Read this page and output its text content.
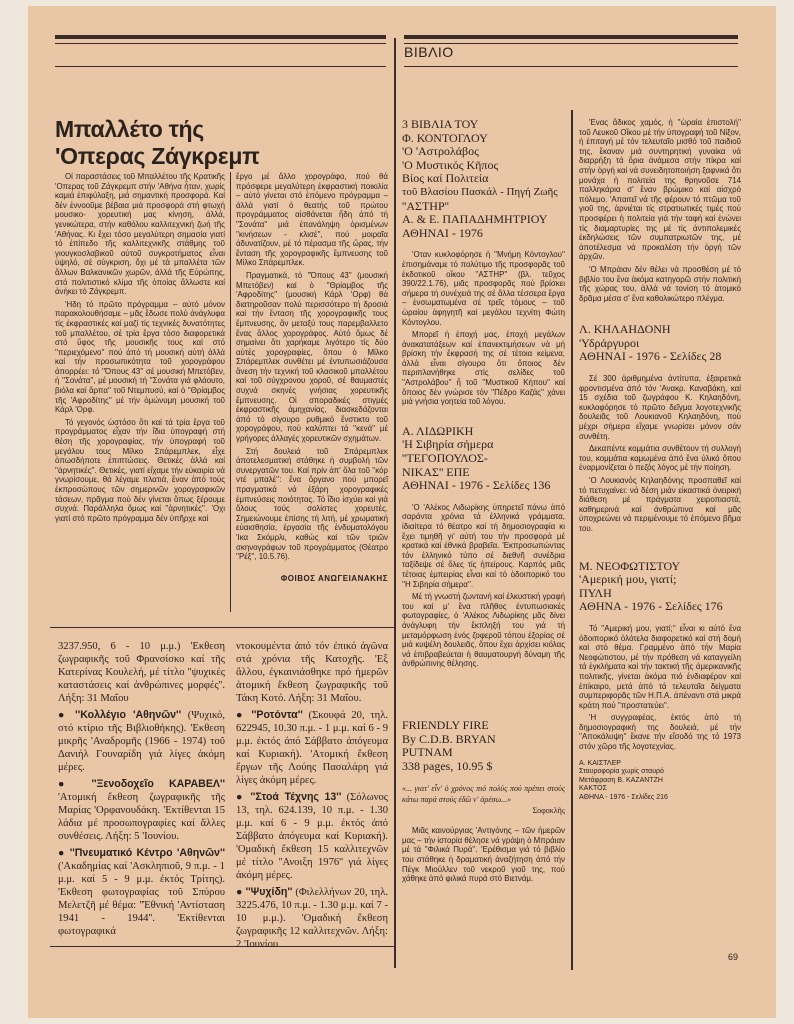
ΒΙΒΛΙΟ
Μπαλλέτο τής
'Οπερας Ζάγκρεμπ

Οί παραστάσεις τοῦ Μπαλλέτου τῆς Κρατικῆς 'Οπερας τοῦ Ζάγκρεμπ στήν 'Αθήνα ἦταν, χωρίς καμιά ἐπιφύλαξη, μιά σημαντική προσφορά. Καί δέν ἐννοοῦμε βέβαια μιά προσφορά στή φτωχή μουσικο- χορευτική μας κίνηση, ἀλλά, γενικώτερα, στήν καθόλου καλλιτεχνική ζωή τῆς 'Αθήνας. Κι ἔχει τόσο μεγαλύτερη σημασία γιατί τό ἐπίπεδο τῆς καλλιτεχνικῆς στάθμης τοῦ γιουγκοσλαβικοῦ αὐτοῦ συγκροτήματος εἶναι ὑψηλό, σέ σύγκριση, ὄχι μέ τά μπαλλέτα τῶν ἄλλων Βαλκανικῶν χωρῶν, ἀλλά τῆς Εὐρώπης, στό πολιτιστικό κλίμα τῆς ὁποίας ἄλλωστε καί ἀνήκει τό Ζάγκρεμπ.

'Ηδη τό πρῶτο πρόγραμμα – αὐτό μόνον παρακολουθήσαμε – μᾶς ἔδωσε πολύ ἀνάγλυφα τίς ἐκφραστικές καί μαζί τίς τεχνικές δυνατότητες τοῦ μπαλλέτου, σέ τρία ἔργα τόσο διαφορετικά στό ὕφος τῆς μουσικῆς τους καί στό ''περιεχόμενο'' πού ἀπό τή μουσική αὐτή ἀλλά καί τήν προσωπικότητα τοῦ χορογράφου ἀπορρέει: τό ''Όπους 43'' σέ μουσική Μπετόβεν, ἡ ''Σονάτα'', μέ μουσική τή ''Σονάτα γιά φλάουτο, βιόλα καί ἅρπα'' τοῦ Ντεμπυσύ, καί ὁ ''Θρίαμβος τῆς 'Αφροδίτης'' μέ τήν ὁμώνυμη μουσική τοῦ Κάρλ 'Ορφ.

Τό γεγονός ὡστόσο ὅτι καί τά τρία ἔργα τοῦ προγράμματος εἶχαν τήν ἴδια ὑπογραφή στή θέση τῆς χορογραφίας, τήν ὑπογραφή τοῦ μεγάλου τους Μίλκο Σπάρεμπλεκ, εἶχε ὁπωσδήποτε ἐπιπτώσεις. Θετικές ἀλλά καί ''ἀρνητικές''. Θετικές, γιατί εἴχαμε τήν εὐκαιρία νά γνωρίσουμε, θά λέγαμε πλατιά, ἕναν ἀπό τούς ἐκπροσώπους τῶν σημερινῶν χορογραφικῶν τάσεων, πρᾶγμα πού δέν γίνεται ὅπως ξέρουμε συχνά. Παράλληλα ὅμως καί ''ἀρνητικές''. 'Οχι γιατί στό πρῶτο πρόγραμμα δέν ὑπῆρχε καί

ἔργο μέ ἄλλο χορογράφο, πού θά πρόσφερε μεγαλύτερη ἐκφραστική ποικιλία – αὐτό γίνεται στό ἑπόμενο πρόγραμμα – ἀλλά γιατί ὁ θεατής τοῦ πρώτου προγράμματος αἰσθάνεται ἤδη ἀπό τή ''Σονάτα'' μιά ἐπανάληψη ὁρισμένων ''κινήσεων - κλισέ'', πού μοιραῖα ἀδυνατίζουν, μέ τό πέρασμα τῆς ὥρας, τήν ἔνταση τῆς χορογραφικῆς ἔμπνευσης τοῦ Μίλκο Σπάρεμπλεκ.

Πραγματικά, τό ''Όπους 43'' (μουσική Μπετόβεν) καί ὁ ''Θρίαμβος τῆς 'Αφροδίτης'' (μουσική Κάρλ 'Ορφ) θά διατηροῦσαν πολύ περισσότερο τή δροσιά καί τήν ἔνταση τῆς χορογραφικῆς τους ἔμπνευσης, ἄν μεταξύ τους παρεμβαλλετο ἕνας ἄλλος χορογράφος. Αὐτό ὅμως δέ σημαίνει ὅτι χαρήκαμε λιγότερο τίς δύο αὐτές χορογραφίες, ὅπου ὁ Μίλκο Σπάρεμπλεκ συνθέτει μέ ἐντυπωσιάζουσα ἄνεση τήν τεχνική τοῦ κλασικοῦ μπαλλέτου καί τοῦ σύγχρονου χοροῦ, σέ θαυμαστές συχνά σκηνές γνήσιας χορευτικῆς ἔμπνευσης. Οἱ σποραδικές στιγμές ἐκφραστικῆς ἀμηχανίας, διασκεδάζονται ἀπό τό σίγουρο ρυθμικό ἔνστικτο τοῦ χορογράφου, πού καλύπτει τά ''κενά'' μέ γρήγορες ἀλλαγές χορευτικῶν σχημάτων.

Στή δουλειά τοῦ Σπάρεμπλεκ ἀποτελεσματική στάθηκε ἡ συμβολή τῶν συνεργατῶν του. Καί πρίν ἀπ' ὅλα τοῦ ''κόρ ντέ μπαλέ'': ἕνα ὄργανο πού μπορεῖ πραγματικά νά ἐξάρη χορογραφικές ἐμπνεύσεις ποιότητας. Τό ἴδιο ἰσχύει καί γιά ὅλους τούς σολίστες χορευτές. Σημειώνουμε ἐπίσης τή λιτή, μέ χρωματική εὐαισθησία, ἐργασία τῆς ἐνδυματολόγου 'Ικα Σκόμρλι, καθώς καί τῶν τριῶν σκηνογράφων τοῦ προγράμματος (Θέατρο ''Ρέξ'', 10.5.76).

ΦΟΙΒΟΣ ΑΝΩΓΕΙΑΝΑΚΗΣ

3237.950, 6 - 10 μ.μ.) 'Εκθεση ζωγραφικῆς τοῦ Φρανσίσκο καί τῆς Κατερίνας Κουλελή, μέ τίτλο ''ψυχικές καταστάσεις καί ἀνθρώπινες μορφές''. Λήξη: 31 Μαΐου

● ''Κολλέγιο 'Αθηνῶν'' (Ψυχικό, στό κτίριο τῆς Βιβλιοθήκης). 'Εκθεση μικρῆς 'Αναδρομῆς (1966 - 1974) τοῦ Δανιήλ Γουναρίδη γιά λίγες ἀκόμη μέρες.

● ''Ξενοδοχεῖο ΚΑΡΑΒΕΛ'' 'Ατομική ἔκθεση ζωγραφικῆς τῆς Μαρίας 'Ορφανουδάκη. 'Εκτίθενται 15 λάδια μέ προσωπογραφίες καί ἄλλες συνθέσεις. Λήξη: 5 'Ιουνίου.

● ''Πνευματικό Κέντρο 'Αθηνῶν'' ('Ακαδημίας καί 'Ασκληπιοῦ, 9 π.μ. - 1 μ.μ. καί 5 - 9 μ.μ. ἐκτός Τρίτης). 'Εκθεση φωτογραφίας τοῦ Σπύρου Μελετζῆ μέ θέμα: ''Έθνική 'Αντίσταση 1941 - 1944''. 'Εκτίθενται φωτογραφικά

ντοκουμέντα ἀπό τόν ἐπικό ἀγῶνα στά χρόνια τῆς Κατοχῆς. 'Εξ ἄλλου, ἐγκαινιάσθηκε πρό ἡμερῶν ἀτομική ἔκθεση ζωγραφικῆς τοῦ Τάκη Κοτό. Λήξη: 31 Μαΐου.

● ''Ροτόντα'' (Σκουφά 20, τηλ. 622945, 10.30 π.μ. - 1 μ.μ. καί 6 - 9 μ.μ. ἐκτός ἀπό Σάββατο ἀπόγευμα καί Κυριακή). 'Ατομική ἔκθεση ἔργων τῆς Λούης Πασαλάρη γιά λίγες ἀκόμη μέρες.

● ''Στοά Τέχνης 13'' (Σόλωνος 13, τηλ. 624.139, 10 π.μ. - 1.30 μ.μ. καί 6 - 9 μ.μ. ἐκτός ἀπό Σάββατο ἀπόγευμα καί Κυριακή). 'Ομαδική ἔκθεση 15 καλλιτεχνῶν μέ τίτλο ''Ανοιξη 1976'' γιά λίγες ἀκόμη μέρες.

● ''Ψυχίδη'' (Φιλελλήνων 20, τηλ. 3225.476, 10 π.μ. - 1.30 μ.μ. καί 7 - 10 μ.μ.). 'Ομαδική ἔκθεση ζωγραφικῆς 12 καλλιτεχνῶν. Λήξη: 2 'Ιουνίου

3 ΒΙΒΛΙΑ ΤΟΥ
Φ. ΚΟΝΤΟΓΛΟΥ
'Ο 'Αστρολάβος
'Ο Μυστικός Κῆπος
Βίος καί Πολιτεία
τοῦ Βλασίου Πασκάλ - Πηγή Ζωῆς
''ΑΣΤΗΡ''
Α. & Ε. ΠΑΠΑΔΗΜΗΤΡΙΟΥ
ΑΘΗΝΑΙ - 1976

'Οταν κυκλοφόρησε ἡ ''Μνήμη Κόντογλου'' ἐπισημάναμε τό πολύτιμο τῆς προσφορᾶς τοῦ ἐκδοτικοῦ οἴκου ''ΑΣΤΗΡ'' (βλ. τεῦχος 390/22.1.76), μιᾶς προσφορᾶς πού βρίσκει σήμερα τή συνέχειά της σέ ἄλλα τέσσερα ἔργα – ἐνσωματωμένα σέ τρεῖς τόμους – τοῦ ὡραίου ἀφηγητῆ καί μεγάλου τεχνίτη Φώτη Κόντογλου.

Μπορεῖ ἡ ἐποχή μας, ἐποχή μεγάλων ἀνακατατάξεων καί ἐπανεκτιμήσεων νά μή βρίσκη τήν ἔκφρασή της σέ τέτοια κείμενα, ἀλλά εἶναι σίγουρο ὅτι ὅποιος δέν περιπλανήθηκε στίς σελίδες τοῦ ''Αστρολάβου'' ἤ τοῦ ''Μυστικοῦ Κήπου'' καί ὅποιος δέν γνώρισε τόν ''Πέδρο Καζάς'' χάνει μιά γνήσια γοητεία τοῦ λόγου.

Α. ΛΙΔΩΡΙΚΗ
'Η Σιβηρία σήμερα
''ΤΕΓΟΠΟΥΛΟΣ-
ΝΙΚΑΣ'' ΕΠΕ
ΑΘΗΝΑΙ - 1976 - Σελίδες 136

'Ο 'Αλέκος Λιδωρίκης ὑπηρετεῖ πάνω ἀπό σαράντα χρόνια τά ἑλληνικά γράμματα, ἰδιαίτερα τό θέατρο καί τή δημοσιογραφία κι ἔχει τιμηθῆ γι' αὐτή του τήν προσφορά μέ κρατικά καί ἐθνικά βραβεῖα. 'Εκπροσωπώντας τόν ἑλληνικό τύπο σέ διεθνῆ συνέδρια ταξίδεψε σέ ὅλες τίς ἠπείρους. Καρπός μιᾶς τέτοιας ἐμπειρίας εἶναι καί τό ὁδοιπορικό του ''Η Σιβηρία σήμερα''.

Μέ τή γνωστή ζωντανή καί ἑλκυστική γραφή του καί μ' ἕνα πλῆθος ἐντυπωσιακές φωτογραφίες, ὁ 'Αλέκος Λιδωρίκης μᾶς δίνει ἀνάγλυφη τήν ἔκπληξή του γιά τή μεταμόρφωση ἑνός ζοφεροῦ τόπου ἐξορίας σέ μιά κυψέλη δουλειᾶς, ὅπου ἔχει ἀρχίσει κιόλας νά ἐπιβραβεύεται ἡ θαυματουργή δύναμη τῆς ἀνθρώπινης θέλησης.

FRIENDLY FIRE
By C.D.B. BRYAN
PUTNAM
338 pages, 10.95 $
«... γιατ' εἶν' ὁ χρόνος πιό πολύς πού πρέπει στούς κάτω παρά στούς ἐδῶ ν' ἀρέσω...»
Σοφοκλῆς

Μιᾶς καινούργιας 'Αντιγόνης – τῶν ἡμερῶν μας – τήν ἱστορία θέλησε νά γράψη ὁ Μπράιαν μέ τά ''Φιλικά Πυρά''. 'Ερέθισμα γιά τό βιβλίο του στάθηκε ἡ δραματική ἀναζήτηση ἀπό τήν Πέγκ Μιούλλεν τοῦ νεκροῦ γιοῦ της, πού χάθηκε ἀπό φιλικά πυρά στό Βιετνάμ.

'Ενας ἄδικος χαμός, ἡ ''ὡραία ἐπιστολή'' τοῦ Λευκοῦ Οἴκου μέ τήν ὑπογραφή τοῦ Νίξον, ἡ ἐπιταγή μέ τόν τελευταῖο μισθό τοῦ παιδιοῦ της, ἔκαναν μιά συντηρητική γυναίκα νά διαρρήξη τά ὅρια ἀνάμεσα στήν πίκρα καί στήν ὀργή καί νά συνειδητοποιήση ξαφνικά ὅτι μονάχα ἡ πολιτεία της θρηνοῦσε 714 παλληκάρια σ' ἕναν βρώμικο καί αἰσχρό πόλεμο. 'Απαιτεῖ νά τῆς φέρουν τό πτῶμα τοῦ γιοῦ της, ἀρνιέται τίς στρατιωτικές τιμές πού προσφέρει ἡ πολιτεία γιά τήν ταφή καί ἑνώνει τίς διαμαρτυρίες της μέ τίς ἀντιπολεμικές ἐκδηλώσεις τῶν συμπατριωτῶν της, μέ ἀποτέλεσμα νά προκαλέση τήν ὀργή τῶν ἀρχῶν.

'Ο Μπράιαν δέν θέλει νά προσθέση μέ τό βιβλίο του ἕνα ἀκόμα κατηγορῶ στήν πολιτική τῆς χώρας του, ἀλλά νά τονίση τό ἀτομικό δρᾶμα μέσα σ' ἕνα καθολικώτερο πλέγμα.

Λ. ΚΗΛΑΗΔΟΝΗ
'Υδράργυροι
ΑΘΗΝΑΙ - 1976 - Σελίδες 28

Σέ 300 ἀριθμημένα ἀντίτυπα, ἐξαιρετικά φροντισμένα ἀπό τόν 'Ανακρ. Καναβάκη, καί 15 σχέδια τοῦ ζωγράφου Κ. Κηλαηδόνη, κυκλοφόρησε τό πρῶτο δεῖγμα λογοτεχνικῆς δουλειᾶς τοῦ Λουκιανοῦ Κηλαηδόνη, πού μέχρι σήμερα εἴχαμε γνωρίσει μόνον σάν συνθέτη.

Δεκαπέντε κομμάτια συνθέτουν τή συλλογή του, κομμάτια καμωμένα ἀπό ἕνα ὑλικό ὅπου ἐναρμονίζεται ὁ πεζός λόγος μέ τήν ποίηση.

'Ο Λουκιανός Κηλαηδόνης προσπαθεῖ καί τό πετυχαίνει: νά δέση μιάν εἰκαστικά ὀνειρική διάθεση μέ πράγματα χειροπιαστά, καθημερινά καί ἀνθρώπινα καί μᾶς ὑποχρεώνει νά περιμένουμε τό ἑπόμενο βῆμα του.

Μ. ΝΕΟΦΩΤΙΣΤΟΥ
'Αμερική μου, γιατί;
ΠΥΛΗ
ΑΘΗΝΑ - 1976 - Σελίδες 176

Τό ''Αμερική μου, γιατί;'' εἶναι κι αὐτό ἕνα ὁδοιπορικό ὁλότελα διαφορετικό καί στή δομή καί στό θέμα. Γραμμένο ἀπό τήν Μαρία Νεοφώτιστου, μέ τήν πρόθεση νά καταγγείλη τά ἐγκλήματα καί τήν τακτική τῆς ἀμερικανικῆς πολιτικῆς, γίνεται ἀκόμα πιό ἐνδιαφέρον καί ἐπίκαιρο, μετά ἀπό τά τελευταῖα δείγματα συμπεριφορᾶς τῶν Η.Π.Α. ἀπέναντι στά μικρά κράτη πού ''προστατεύει''.

'Η συγγραφέας, ἐκτός ἀπό τή δημοσιογραφική της δουλειά, μέ τήν ''Αποκάλυψη'' ἔκανε τήν εἴσοδό της τό 1973 στόν χῶρο τῆς λογοτεχνίας.

Α. ΚΑΙΣΤΛΕΡ
Σταυροφορία χωρίς σταυρό
Μετάφραση Β. ΚΑΖΑΝΤΖΗ
ΚΑΚΤΟΣ
ΑΘΗΝΑ - 1976 - Σελίδες 216
69
